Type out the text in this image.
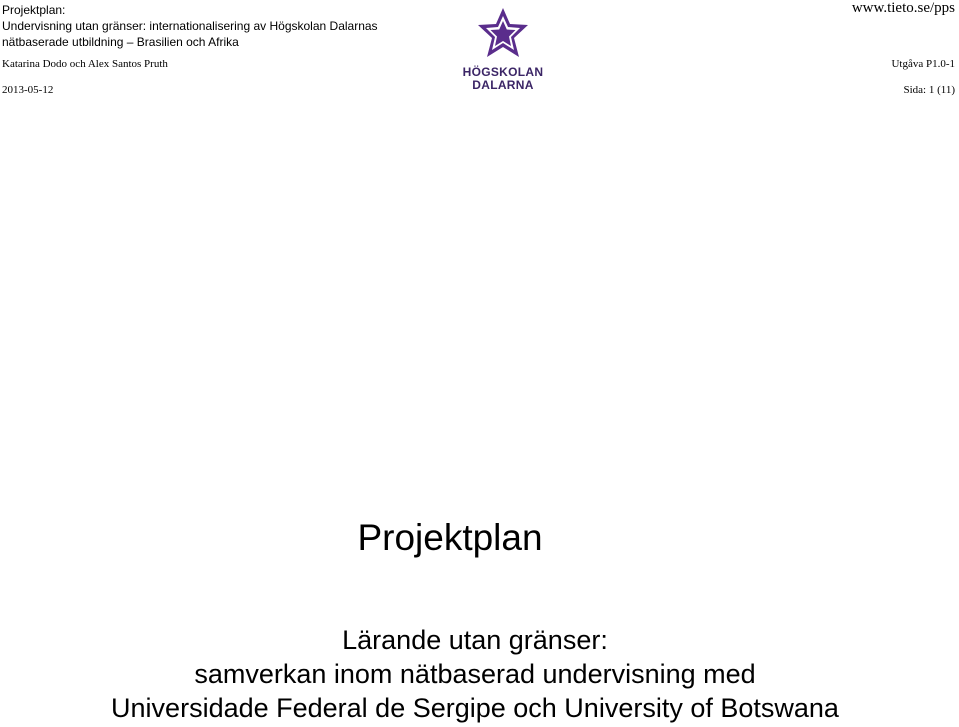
Projektplan:
Undervisning utan gränser: internationalisering av Högskolan Dalarnas
nätbaserade utbildning – Brasilien och Afrika
www.tieto.se/pps
HÖGSKOLAN
DALARNA
Katarina Dodo och Alex Santos Pruth	Utgåva P1.0-1
2013-05-12	Sida: 1 (11)
Projektplan
Lärande utan gränser:
samverkan inom nätbaserad undervisning med
Universidade Federal de Sergipe och University of Botswana
